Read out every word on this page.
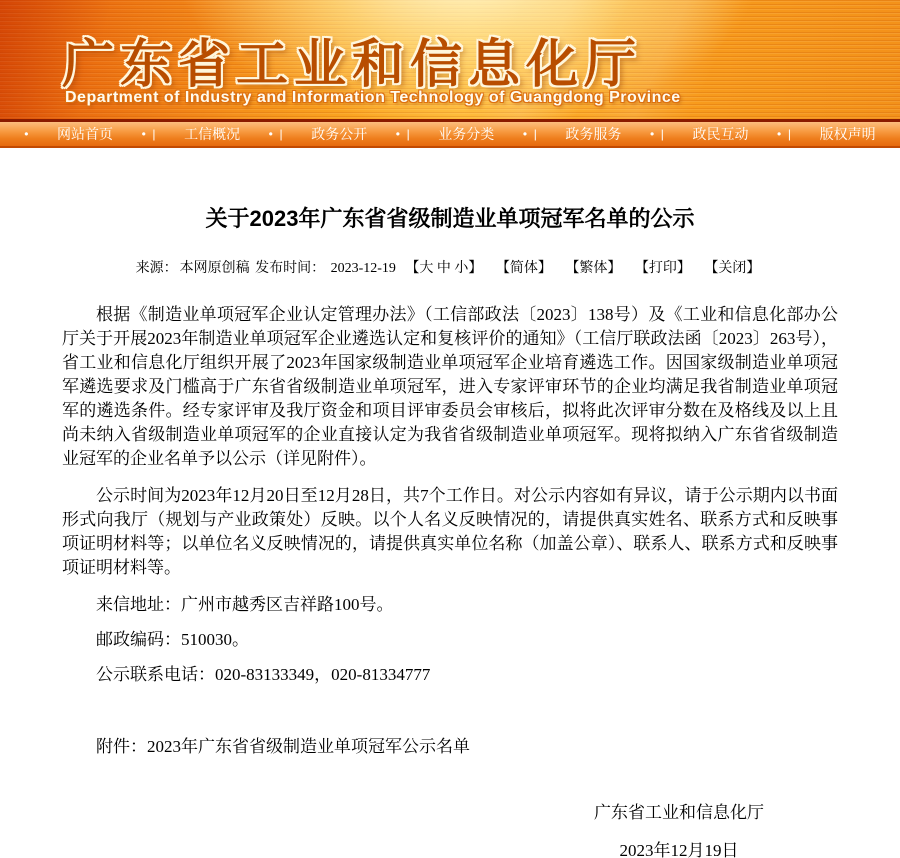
广东省工业和信息化厅
Department of Industry and Information Technology of Guangdong Province
• 网站首页 •  | 工信概况 •  | 政务公开 •  | 业务分类 •  | 政务服务 •  | 政民互动 •  | 版权声明
关于2023年广东省省级制造业单项冠军名单的公示
来源： 本网原创稿 发布时间： 2023-12-19 【大 中 小】 【简体】 【繁体】 【打印】 【关闭】

根据《制造业单项冠军企业认定管理办法》（工信部政法〔2023〕138号）及《工业和信息化部办公厅关于开展2023年制造业单项冠军企业遴选认定和复核评价的通知》（工信厅联政法函〔2023〕263号），省工业和信息化厅组织开展了2023年国家级制造业单项冠军企业培育遴选工作。因国家级制造业单项冠军遴选要求及门槛高于广东省省级制造业单项冠军，进入专家评审环节的企业均满足我省制造业单项冠军的遴选条件。经专家评审及我厅资金和项目评审委员会审核后，拟将此次评审分数在及格线及以上且尚未纳入省级制造业单项冠军的企业直接认定为我省省级制造业单项冠军。现将拟纳入广东省省级制造业冠军的企业名单予以公示（详见附件）。

公示时间为2023年12月20日至12月28日，共7个工作日。对公示内容如有异议，请于公示期内以书面形式向我厅（规划与产业政策处）反映。以个人名义反映情况的，请提供真实姓名、联系方式和反映事项证明材料等；以单位名义反映情况的，请提供真实单位名称（加盖公章）、联系人、联系方式和反映事项证明材料等。

来信地址：广州市越秀区吉祥路100号。

邮政编码：510030。

公示联系电话：020-83133349，020-81334777

附件：2023年广东省省级制造业单项冠军公示名单

广东省工业和信息化厅
2023年12月19日
